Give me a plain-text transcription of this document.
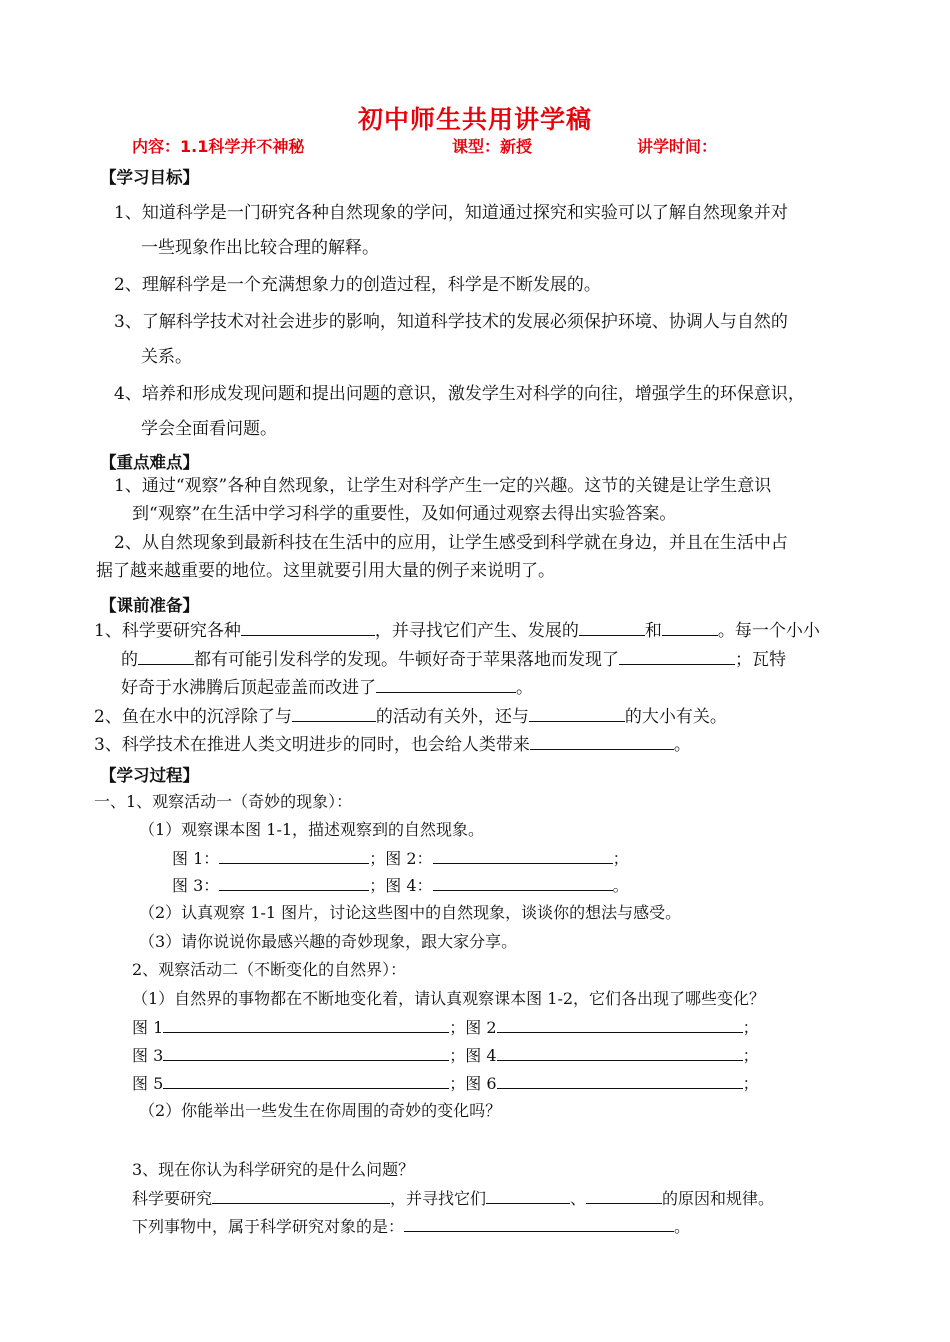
初中师生共用讲学稿
内容：1.1科学并不神秘	课型：新授	讲学时间：
【学习目标】
1、知道科学是一门研究各种自然现象的学问，知道通过探究和实验可以了解自然现象并对
一些现象作出比较合理的解释。
2、理解科学是一个充满想象力的创造过程，科学是不断发展的。
3、了解科学技术对社会进步的影响，知道科学技术的发展必须保护环境、协调人与自然的
关系。
4、培养和形成发现问题和提出问题的意识，激发学生对科学的向往，增强学生的环保意识，
学会全面看问题。
【重点难点】
1、通过“观察”各种自然现象，让学生对科学产生一定的兴趣。这节的关键是让学生意识
到“观察”在生活中学习科学的重要性，及如何通过观察去得出实验答案。
2、从自然现象到最新科技在生活中的应用，让学生感受到科学就在身边，并且在生活中占
据了越来越重要的地位。这里就要引用大量的例子来说明了。
【课前准备】
1、科学要研究各种	，并寻找它们产生、发展的	和	。每一个小小
的	都有可能引发科学的发现。牛顿好奇于苹果落地而发现了	；瓦特
好奇于水沸腾后顶起壶盖而改进了	。
2、鱼在水中的沉浮除了与	的活动有关外，还与	的大小有关。
3、科学技术在推进人类文明进步的同时，也会给人类带来	。
【学习过程】
一、1、观察活动一（奇妙的现象）：
（1）观察课本图 1-1，描述观察到的自然现象。
图 1：	；图 2：	；
图 3：	；图 4：	。
（2）认真观察 1-1 图片，讨论这些图中的自然现象，谈谈你的想法与感受。
（3）请你说说你最感兴趣的奇妙现象，跟大家分享。
2、观察活动二（不断变化的自然界）：
（1）自然界的事物都在不断地变化着，请认真观察课本图 1-2，它们各出现了哪些变化？
图 1	；图 2	；
图 3	；图 4	；
图 5	；图 6	；
（2）你能举出一些发生在你周围的奇妙的变化吗？
3、现在你认为科学研究的是什么问题？
科学要研究	，并寻找它们	、	的原因和规律。
下列事物中，属于科学研究对象的是：	。
